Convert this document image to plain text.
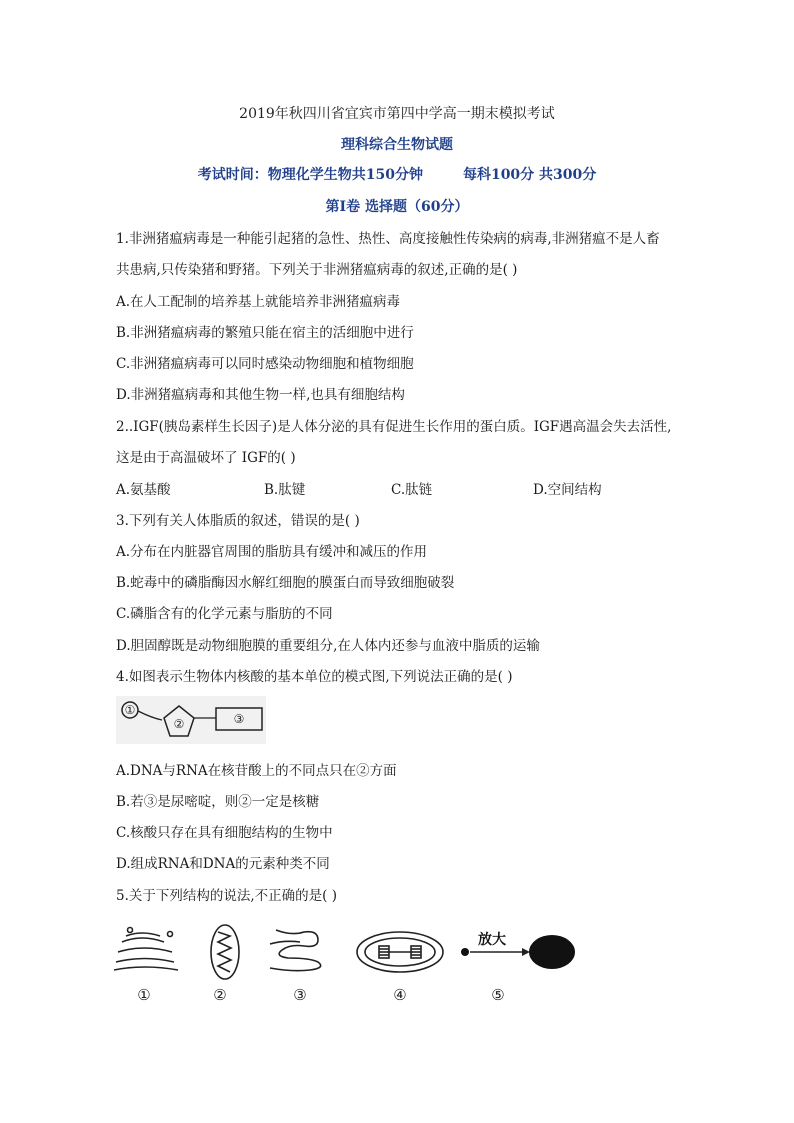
2019年秋四川省宜宾市第四中学高一期末模拟考试
理科综合生物试题
考试时间：物理化学生物共150分钟	每科100分 共300分
第Ⅰ卷 选择题（60分）
1.非洲猪瘟病毒是一种能引起猪的急性、热性、高度接触性传染病的病毒,非洲猪瘟不是人畜
共患病,只传染猪和野猪。下列关于非洲猪瘟病毒的叙述,正确的是( )
A.在人工配制的培养基上就能培养非洲猪瘟病毒
B.非洲猪瘟病毒的繁殖只能在宿主的活细胞中进行
C.非洲猪瘟病毒可以同时感染动物细胞和植物细胞
D.非洲猪瘟病毒和其他生物一样,也具有细胞结构
2..IGF(胰岛素样生长因子)是人体分泌的具有促进生长作用的蛋白质。IGF遇高温会失去活性,
这是由于高温破坏了 IGF的( )
A.氨基酸	B.肽键	C.肽链	D.空间结构
3.下列有关人体脂质的叙述，错误的是( )
A.分布在内脏器官周围的脂肪具有缓冲和减压的作用
B.蛇毒中的磷脂酶因水解红细胞的膜蛋白而导致细胞破裂
C.磷脂含有的化学元素与脂肪的不同
D.胆固醇既是动物细胞膜的重要组分,在人体内还参与血液中脂质的运输
4.如图表示生物体内核酸的基本单位的模式图,下列说法正确的是( )
①
②	③
A.DNA与RNA在核苷酸上的不同点只在②方面
B.若③是尿嘧啶，则②一定是核糖
C.核酸只存在具有细胞结构的生物中
D.组成RNA和DNA的元素种类不同
5.关于下列结构的说法,不正确的是( )
放大
①	②	③	④	⑤
